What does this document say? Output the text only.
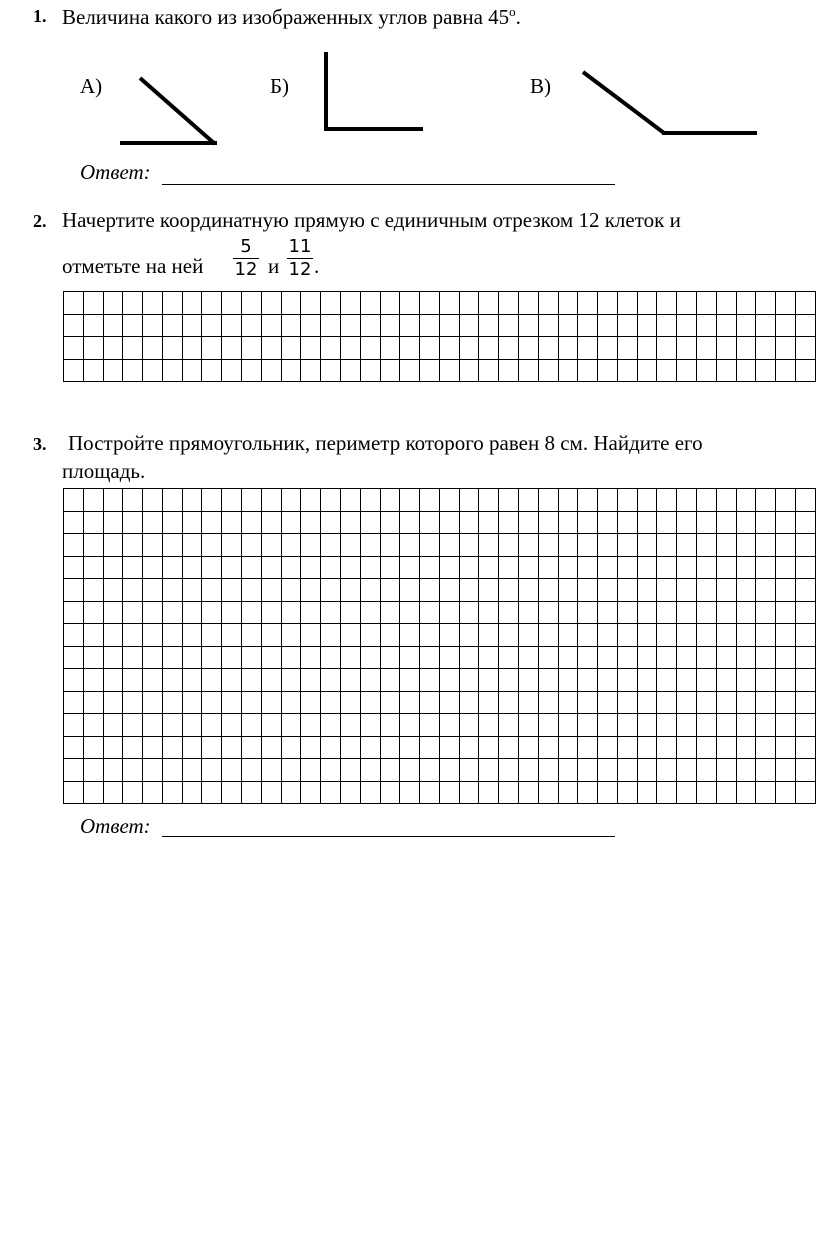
1. Величина какого из изображенных углов равна $45^о$.
А)	Б)	В)
Ответ:
2. Начертите координатную прямую с единичным отрезком 12 клеток и
отметьте на ней
5
12 и
11
12 .

3. Постройте прямоугольник, периметр которого равен 8 см. Найдите его
площадь.

Ответ:
